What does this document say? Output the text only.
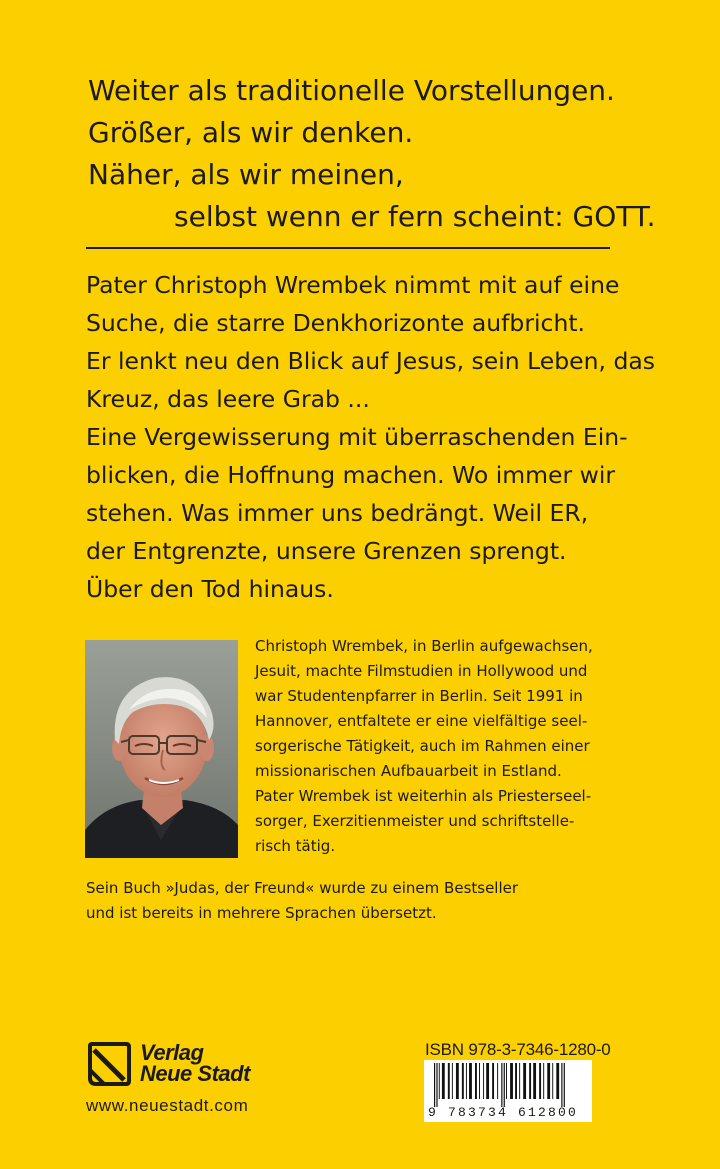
Weiter als traditionelle Vorstellungen.
Größer, als wir denken.
Näher, als wir meinen,
selbst wenn er fern scheint: GOTT.
Pater Christoph Wrembek nimmt mit auf eine
Suche, die starre Denkhorizonte aufbricht.
Er lenkt neu den Blick auf Jesus, sein Leben, das
Kreuz, das leere Grab ...
Eine Vergewisserung mit überraschenden Ein-
blicken, die Hoffnung machen. Wo immer wir
stehen. Was immer uns bedrängt. Weil ER,
der Entgrenzte, unsere Grenzen sprengt.
Über den Tod hinaus.
Christoph Wrembek, in Berlin aufgewachsen,
Jesuit, machte Filmstudien in Hollywood und
war Studentenpfarrer in Berlin. Seit 1991 in
Hannover, entfaltete er eine vielfältige seel-
sorgerische Tätigkeit, auch im Rahmen einer
missionarischen Aufbauarbeit in Estland.
Pater Wrembek ist weiterhin als Priesterseel-
sorger, Exerzitienmeister und schriftstelle-
risch tätig.
Sein Buch »Judas, der Freund« wurde zu einem Bestseller
und ist bereits in mehrere Sprachen übersetzt.
Verlag
Neue Stadt
www.neuestadt.com
ISBN 978-3-7346-1280-0
9 783734 612800
